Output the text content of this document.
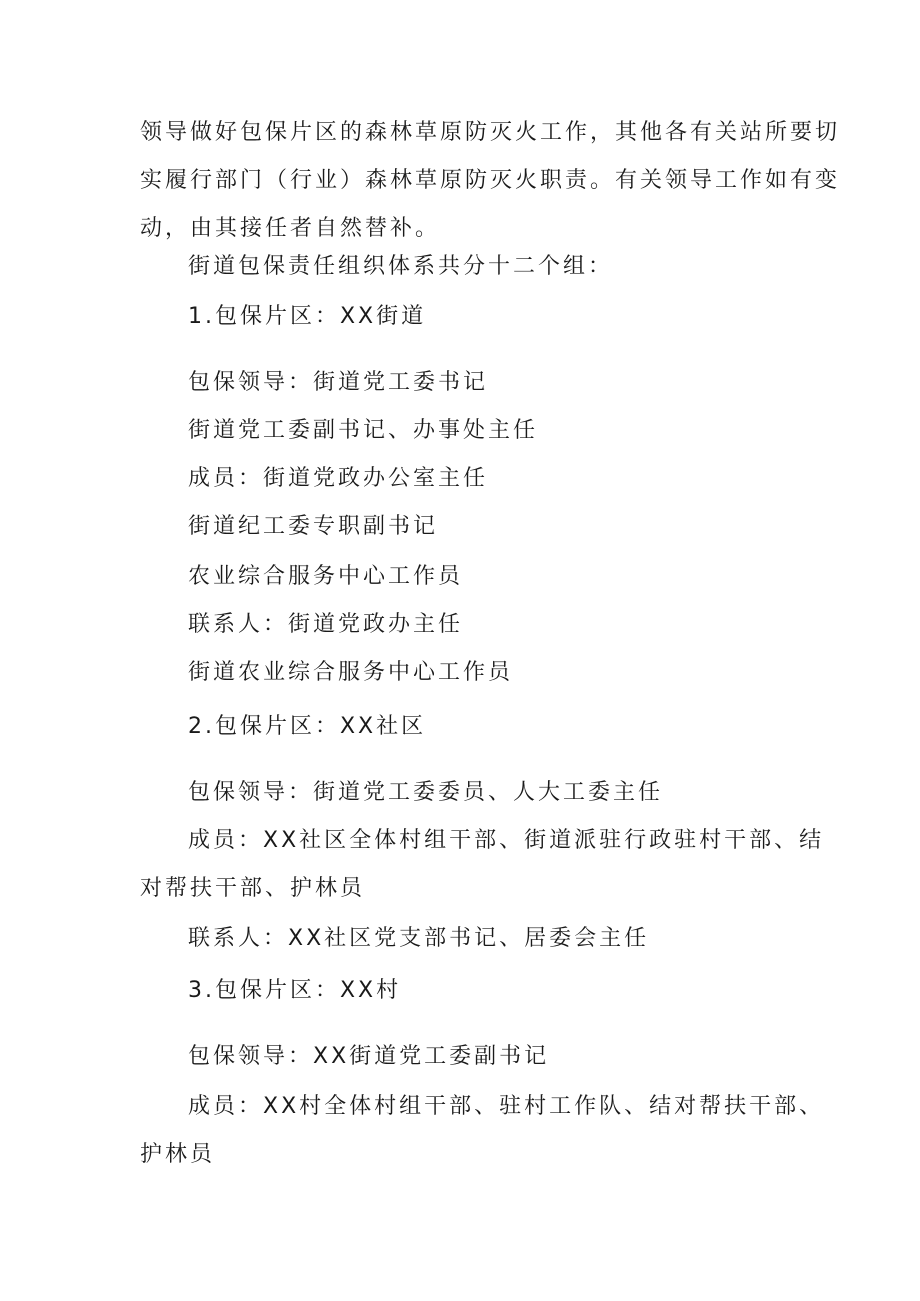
领导做好包保片区的森林草原防灭火工作，其他各有关站所要切
实履行部门（行业）森林草原防灭火职责。有关领导工作如有变
动，由其接任者自然替补。
街道包保责任组织体系共分十二个组：
1.包保片区：XX街道
包保领导：街道党工委书记
街道党工委副书记、办事处主任
成员：街道党政办公室主任
街道纪工委专职副书记
农业综合服务中心工作员
联系人：街道党政办主任
街道农业综合服务中心工作员
2.包保片区：XX社区
包保领导：街道党工委委员、人大工委主任
成员：XX社区全体村组干部、街道派驻行政驻村干部、结
对帮扶干部、护林员
联系人：XX社区党支部书记、居委会主任
3.包保片区：XX村
包保领导：XX街道党工委副书记
成员：XX村全体村组干部、驻村工作队、结对帮扶干部、
护林员
